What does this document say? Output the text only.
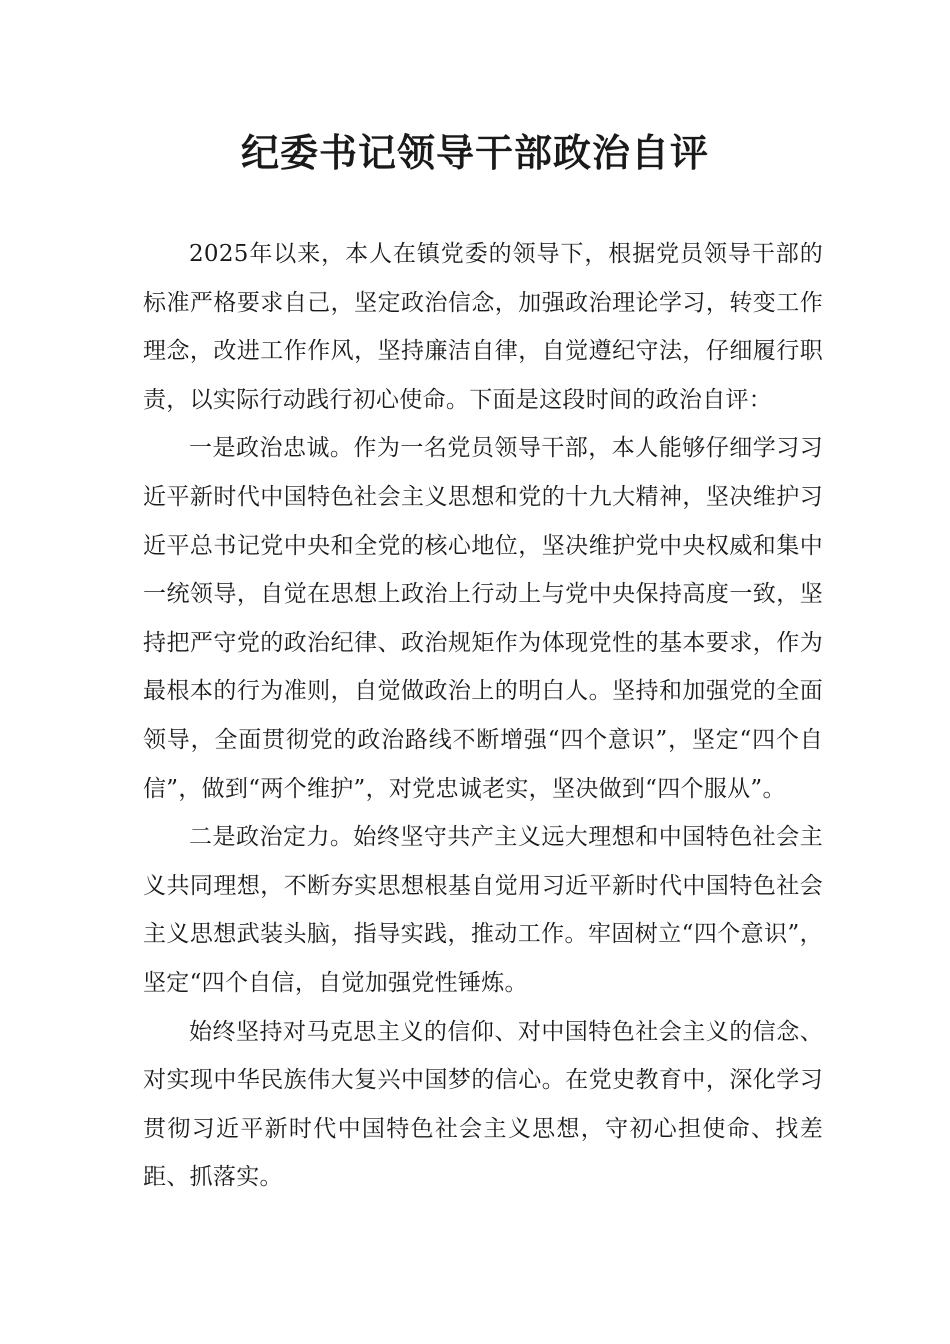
纪委书记领导干部政治自评

2025年以来，本人在镇党委的领导下，根据党员领导干部的标准严格要求自己，坚定政治信念，加强政治理论学习，转变工作理念，改进工作作风，坚持廉洁自律，自觉遵纪守法，仔细履行职责，以实际行动践行初心使命。下面是这段时间的政治自评：

一是政治忠诚。作为一名党员领导干部，本人能够仔细学习习近平新时代中国特色社会主义思想和党的十九大精神，坚决维护习近平总书记党中央和全党的核心地位，坚决维护党中央权威和集中一统领导，自觉在思想上政治上行动上与党中央保持高度一致，坚持把严守党的政治纪律、政治规矩作为体现党性的基本要求，作为最根本的行为准则，自觉做政治上的明白人。坚持和加强党的全面领导，全面贯彻党的政治路线不断增强“四个意识”，坚定“四个自信”，做到“两个维护”，对党忠诚老实，坚决做到“四个服从”。

二是政治定力。始终坚守共产主义远大理想和中国特色社会主义共同理想，不断夯实思想根基自觉用习近平新时代中国特色社会主义思想武装头脑，指导实践，推动工作。牢固树立“四个意识”，坚定“四个自信，自觉加强党性锤炼。

始终坚持对马克思主义的信仰、对中国特色社会主义的信念、对实现中华民族伟大复兴中国梦的信心。在党史教育中，深化学习贯彻习近平新时代中国特色社会主义思想，守初心担使命、找差距、抓落实。
